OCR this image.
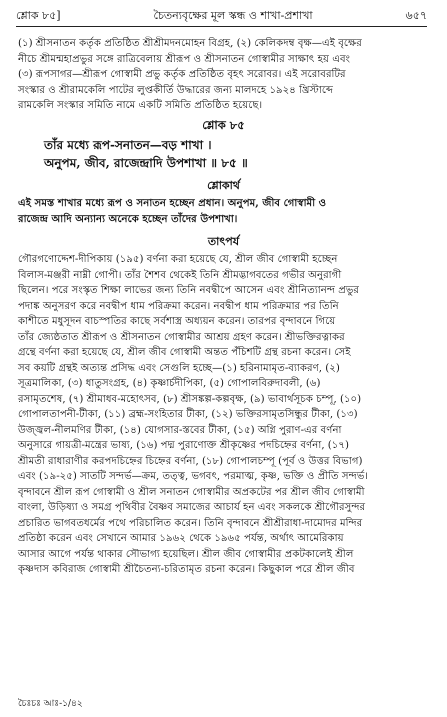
শ্লোক ৮৫]	চৈতন্যবৃক্ষের মূল স্কন্ধ ও শাখা-প্রশাখা	৬৫৭
(১) শ্রীসনাতন কর্তৃক প্রতিষ্ঠিত শ্রীশ্রীমদনমোহন বিগ্রহ, (২) কেলিকদম্ব বৃক্ষ—এই বৃক্ষের
নীচে শ্রীমন্মহাপ্রভুর সঙ্গে রাত্রিবেলায় শ্রীরূপ ও শ্রীসনাতন গোস্বামীর সাক্ষাৎ হয় এবং
(৩) রূপসাগর—শ্রীরূপ গোস্বামী প্রভু কর্তৃক প্রতিষ্ঠিত বৃহৎ সরোবর। এই সরোবরটির
সংস্কার ও শ্রীরামকেলি পাটের লুপ্তকীর্তি উদ্ধারের জন্য মালদহে ১৯২৪ খ্রিস্টাব্দে
রামকেলি সংস্কার সমিতি নামে একটি সমিতি প্রতিষ্ঠিত হয়েছে।
শ্লোক ৮৫
তাঁর মধ্যে রূপ-সনাতন—বড় শাখা ।
অনুপম, জীব, রাজেন্দ্রাদি উপশাখা ॥ ৮৫ ॥
শ্লোকার্থ
এই সমস্ত শাখার মধ্যে রূপ ও সনাতন হচ্ছেন প্রধান। অনুপম, জীব গোস্বামী ও
রাজেন্দ্র আদি অন্যান্য অনেকে হচ্ছেন তাঁদের উপশাখা।
তাৎপর্য
গৌরগণোদ্দেশ-দীপিকায় (১৯৫) বর্ণনা করা হয়েছে যে, শ্রীল জীব গোস্বামী হচ্ছেন
বিলাস-মঞ্জরী নাম্নী গোপী। তাঁর শৈশব থেকেই তিনি শ্রীমদ্ভাগবতের গভীর অনুরাগী
ছিলেন। পরে সংস্কৃত শিক্ষা লাভের জন্য তিনি নবদ্বীপে আসেন এবং শ্রীনিত্যানন্দ প্রভুর
পদাঙ্ক অনুসরণ করে নবদ্বীপ ধাম পরিক্রমা করেন। নবদ্বীপ ধাম পরিক্রমার পর তিনি
কাশীতে মধুসূদন বাচস্পতির কাছে সর্বশাস্ত্র অধ্যয়ন করেন। তারপর বৃন্দাবনে গিয়ে
তাঁর জ্যেষ্ঠতাত শ্রীরূপ ও শ্রীসনাতন গোস্বামীর আশ্রয় গ্রহণ করেন। শ্রীভক্তিরত্নাকর
গ্রন্থে বর্ণনা করা হয়েছে যে, শ্রীল জীব গোস্বামী অন্তত পঁচিশটি গ্রন্থ রচনা করেন। সেই
সব কয়টি গ্রন্থই অত্যন্ত প্রসিদ্ধ এবং সেগুলি হচ্ছে—(১) হরিনামামৃত-ব্যাকরণ, (২)
সূত্রমালিকা, (৩) ধাতুসংগ্রহ, (৪) কৃষ্ণার্চদীপিকা, (৫) গোপালবিরুদাবলী, (৬)
রসামৃতশেষ, (৭) শ্রীমাধব-মহোৎসব, (৮) শ্রীসঙ্কল্প-কল্পবৃক্ষ, (৯) ভাবার্থসূচক চম্পূ, (১০)
গোপালতাপনী-টীকা, (১১) ব্রহ্ম-সংহিতার টীকা, (১২) ভক্তিরসামৃতসিন্ধুর টীকা, (১৩)
উজ্জ্বল-নীলমণির টীকা, (১৪) যোগসার-স্তবের টীকা, (১৫) অগ্নি পুরাণ-এর বর্ণনা
অনুসারে গায়ত্রী-মন্ত্রের ভাষ্য, (১৬) পদ্ম পুরাণোক্ত শ্রীকৃষ্ণের পদচিহ্নের বর্ণনা, (১৭)
শ্রীমতী রাধারাণীর করপদচিহ্নের চিহ্নের বর্ণনা, (১৮) গোপালচম্পূ (পূর্ব ও উত্তর বিভাগ)
এবং (১৯-২৫) সাতটি সন্দর্ভ—ক্রম, তত্ত্ব, ভগবৎ, পরমাত্ম, কৃষ্ণ, ভক্তি ও প্রীতি সন্দর্ভ।
বৃন্দাবনে শ্রীল রূপ গোস্বামী ও শ্রীল সনাতন গোস্বামীর অপ্রকটের পর শ্রীল জীব গোস্বামী
বাংলা, উড়িষ্যা ও সমগ্র পৃথিবীর বৈষ্ণব সমাজের আচার্য হন এবং সকলকে শ্রীগৌরসুন্দর
প্রচারিত ভাগবতধর্মের পথে পরিচালিত করেন। তিনি বৃন্দাবনে শ্রীশ্রীরাধা-দামোদর মন্দির
প্রতিষ্ঠা করেন এবং সেখানে আমার ১৯৬২ থেকে ১৯৬৫ পর্যন্ত, অর্থাৎ আমেরিকায়
আসার আগে পর্যন্ত থাকার সৌভাগ্য হয়েছিল। শ্রীল জীব গোস্বামীর প্রকটকালেই শ্রীল
কৃষ্ণদাস কবিরাজ গোস্বামী শ্রীচৈতন্য-চরিতামৃত রচনা করেন। কিছুকাল পরে শ্রীল জীব
চৈঃচঃ আঃ-১/৪২
